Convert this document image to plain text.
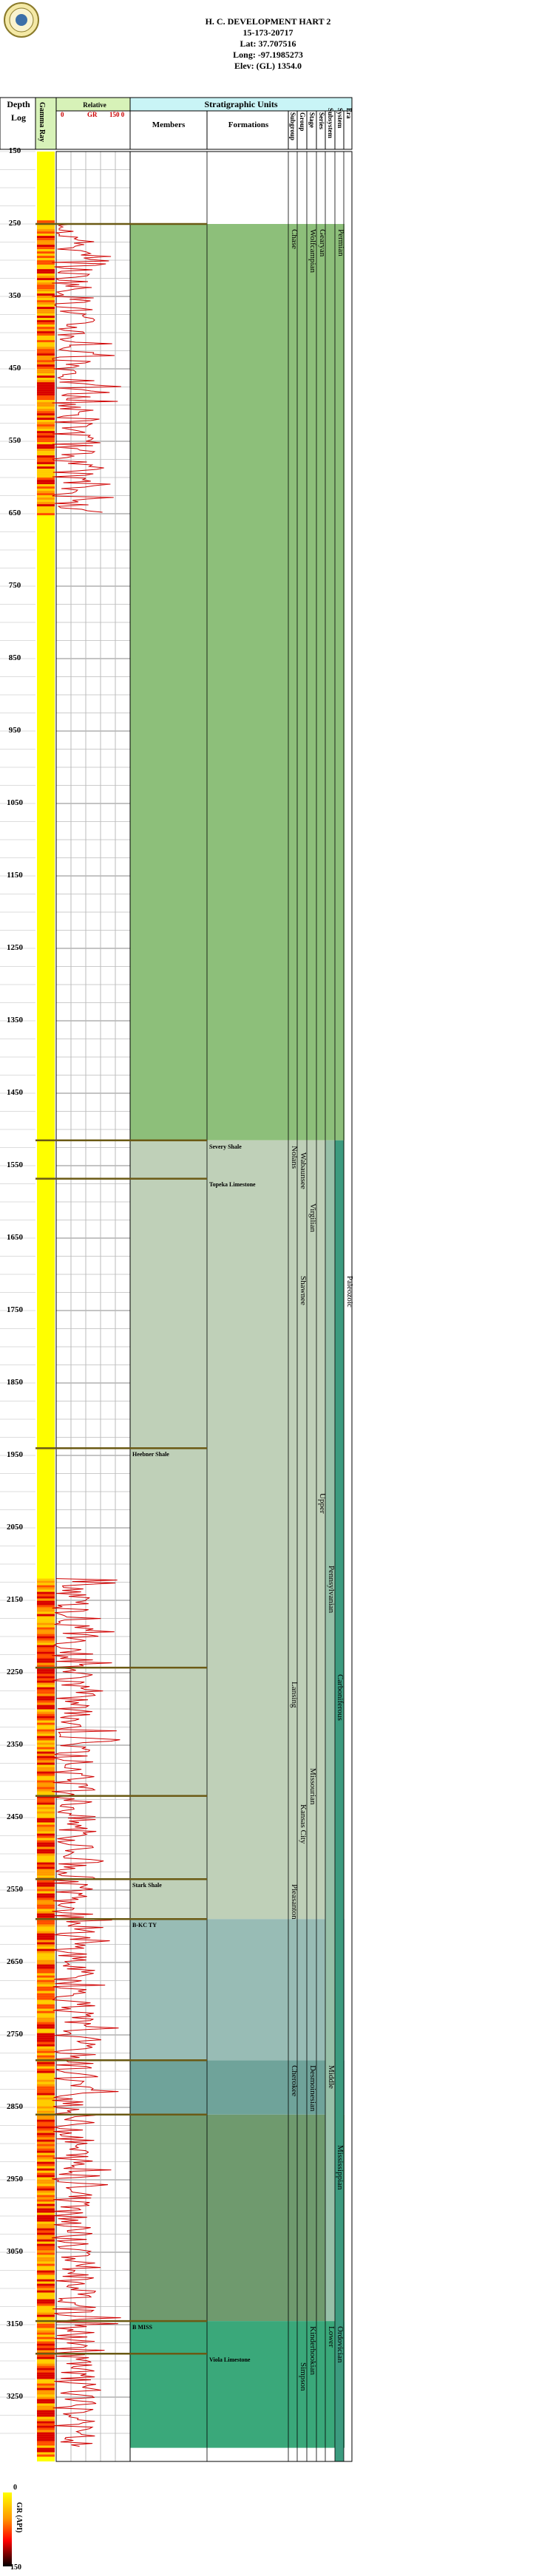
H. C. DEVELOPMENT HART 2
15-173-20717
Lat: 37.707516
Long: -97.1985273
Elev: (GL) 1354.0
Depth
Log	Gamma Ray	Relative
0	GR 150 0
Stratigraphic Units
Members	Formations	Subgroup Group Stage Series Subsystem System Era
150
250
350
450
550
650
750
850
950
1050
1150
1250
1350
1450
1550
1650
1750
1850
1950
2050
2150
2250
2350
2450
2550
2650
2750
2850
2950
3050
3150
3250
Severy Shale
Topeka Limestone
Heebner Shale
Stark Shale
B-KC TY
B MISS
Viola Limestone
Chase
Nolans Wabaunsee
Shawnee
Virgilian
Lansing
Kansas City
Missourian
Pleasanton
Cherokee Desmoinesian Middle
Kinderhookian
Simpson
Upper
Pennsylvanian
Carboniferous
Mississippian
Ordovician
Lower
Gearyan Permian
Paleozoic
Wolfcampian
0
GR (API)
150
